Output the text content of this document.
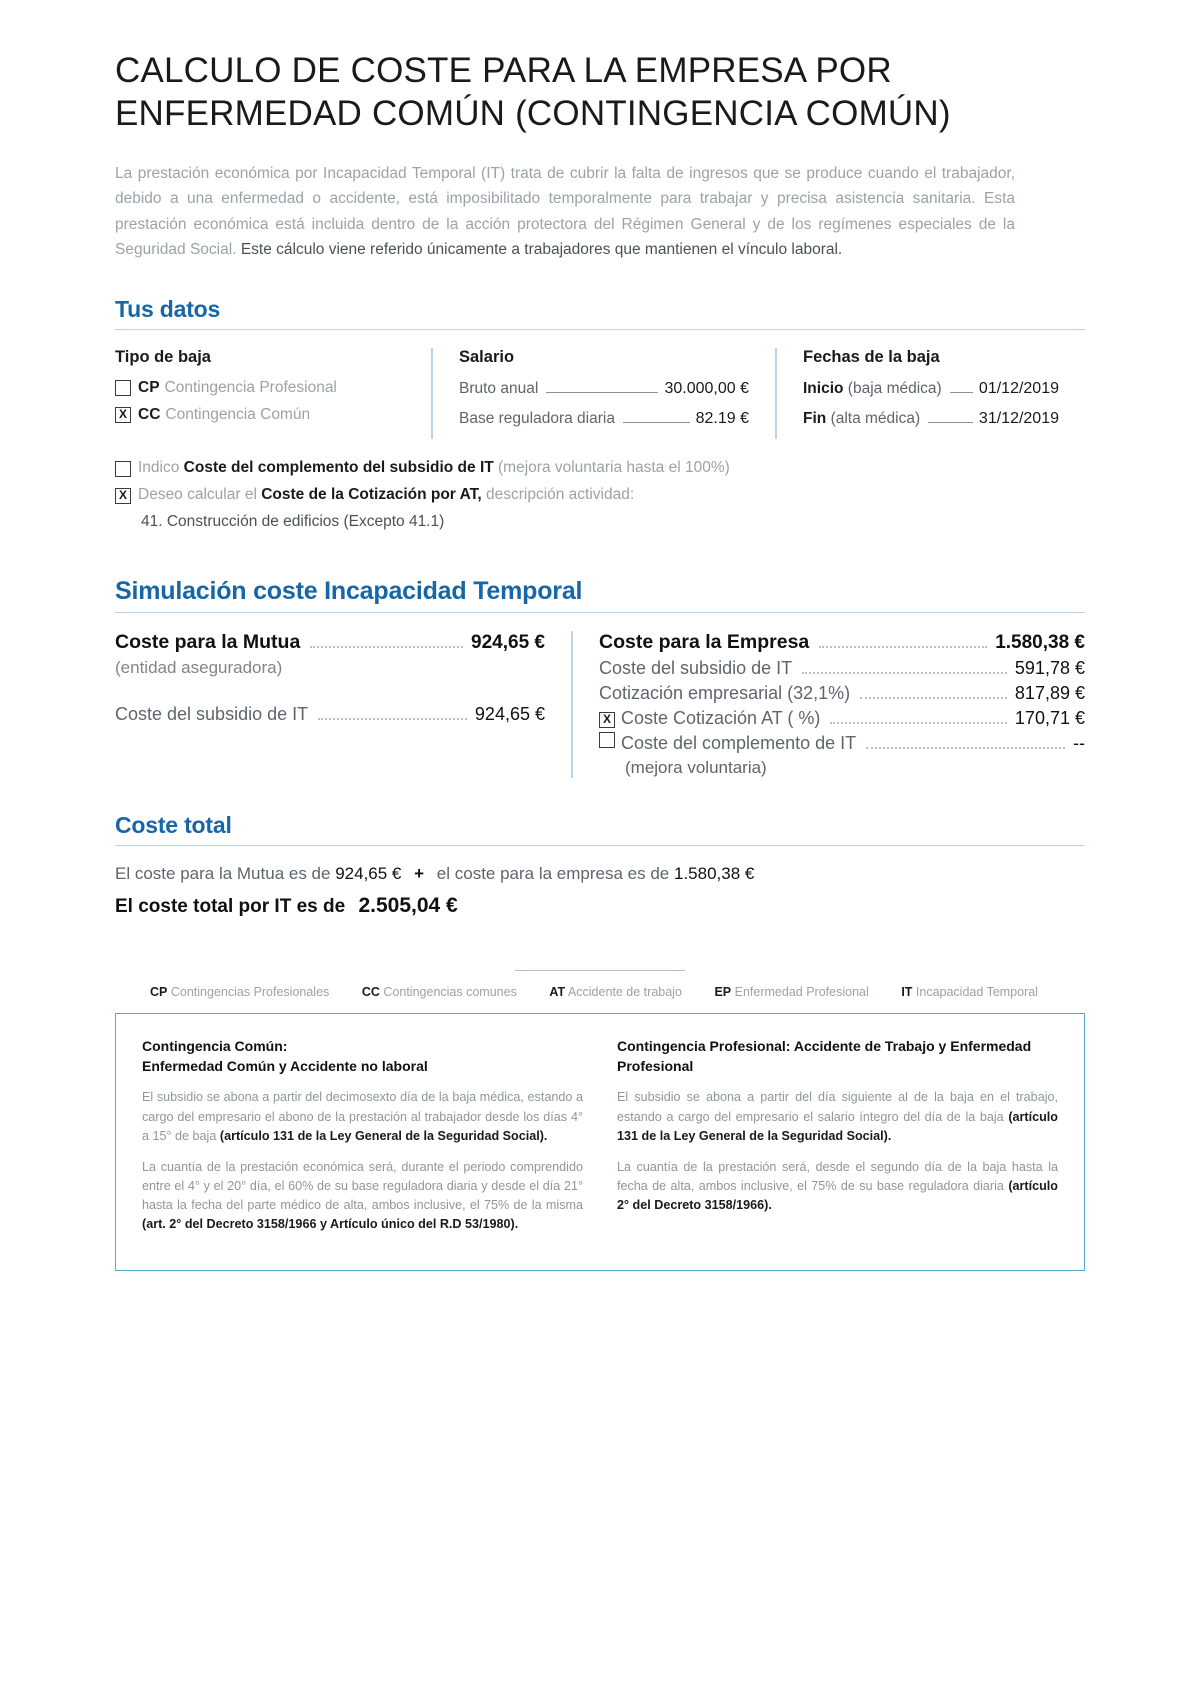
CALCULO DE COSTE PARA LA EMPRESA POR ENFERMEDAD COMÚN (CONTINGENCIA COMÚN)

La prestación económica por Incapacidad Temporal (IT) trata de cubrir la falta de ingresos que se produce cuando el trabajador, debido a una enfermedad o accidente, está imposibilitado temporalmente para trabajar y precisa asistencia sanitaria. Esta prestación económica está incluida dentro de la acción protectora del Régimen General y de los regímenes especiales de la Seguridad Social. Este cálculo viene referido únicamente a trabajadores que mantienen el vínculo laboral.

Tus datos
Tipo de baja
CP Contingencia Profesional
X CC Contingencia Común
Salario
Bruto anual	30.000,00 €
Base reguladora diaria	82.19 €
Fechas de la baja
Inicio (baja médica) 01/12/2019
Fin (alta médica)	31/12/2019
Indico Coste del complemento del subsidio de IT (mejora voluntaria hasta el 100%)
X Deseo calcular el Coste de la Cotización por AT, descripción actividad:
41. Construcción de edificios (Excepto 41.1)
Simulación coste Incapacidad Temporal
Coste para la Mutua	924,65 €
(entidad aseguradora)
Coste del subsidio de IT	924,65 €
Coste para la Empresa	1.580,38 €
Coste del subsidio de IT	591,78 €
Cotización empresarial (32,1%)	817,89 €
X Coste Cotización AT ( %)	170,71 €
Coste del complemento de IT	--
(mejora voluntaria)
Coste total
El coste para la Mutua es de 924,65 € + el coste para la empresa es de 1.580,38 €
El coste total por IT es de 2.505,04 €
CP Contingencias Profesionales	CC Contingencias comunes	AT Accidente de trabajo	EP Enfermedad Profesional	IT Incapacidad Temporal
Contingencia Común:
Enfermedad Común y Accidente no laboral

El subsidio se abona a partir del decimosexto día de la baja médica, estando a cargo del empresario el abono de la prestación al trabajador desde los días 4° a 15° de baja (artículo 131 de la Ley General de la Seguridad Social).

La cuantía de la prestación económica será, durante el periodo comprendido entre el 4° y el 20° día, el 60% de su base reguladora diaria y desde el día 21° hasta la fecha del parte médico de alta, ambos inclusive, el 75% de la misma (art. 2° del Decreto 3158/1966 y Artículo único del R.D 53/1980).

Contingencia Profesional: Accidente de Trabajo y Enfermedad Profesional

El subsidio se abona a partir del día siguiente al de la baja en el trabajo, estando a cargo del empresario el salario íntegro del día de la baja (artículo 131 de la Ley General de la Seguridad Social).

La cuantía de la prestación será, desde el segundo día de la baja hasta la fecha de alta, ambos inclusive, el 75% de su base reguladora diaria (artículo 2° del Decreto 3158/1966).
